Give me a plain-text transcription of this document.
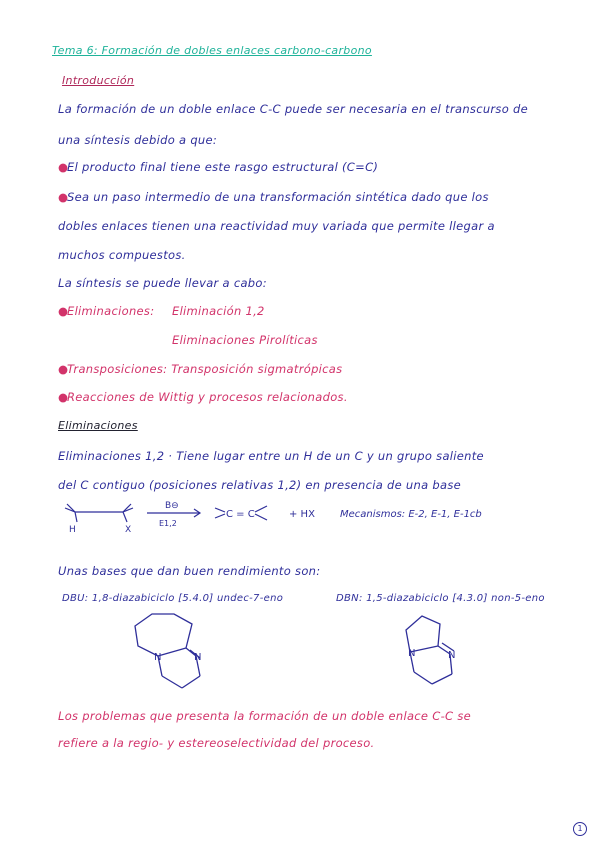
Tema 6: Formación de dobles enlaces carbono-carbono
Introducción
La formación de un doble enlace C-C puede ser necesaria en el transcurso de
una síntesis debido a que:
●El producto final tiene este rasgo estructural (C=C)
●Sea un paso intermedio de una transformación sintética dado que los
dobles enlaces tienen una reactividad muy variada que permite llegar a
muchos compuestos.
La síntesis se puede llevar a cabo:
●Eliminaciones: Eliminación 1,2
Eliminaciones Pirolíticas
●Transposiciones: Transposición sigmatrópicas
●Reacciones de Wittig y procesos relacionados.
Eliminaciones
Eliminaciones 1,2 · Tiene lugar entre un H de un C y un grupo saliente
del C contiguo (posiciones relativas 1,2) en presencia de una base
H	X
B⊖
E1,2
C = C	+ HX	Mecanismos: E-2, E-1, E-1cb
Unas bases que dan buen rendimiento son:
DBU: 1,8-diazabiciclo [5.4.0] undec-7-eno	DBN: 1,5-diazabiciclo [4.3.0] non-5-eno
N	N	N	N
Los problemas que presenta la formación de un doble enlace C-C se
refiere a la regio- y estereoselectividad del proceso.
1
